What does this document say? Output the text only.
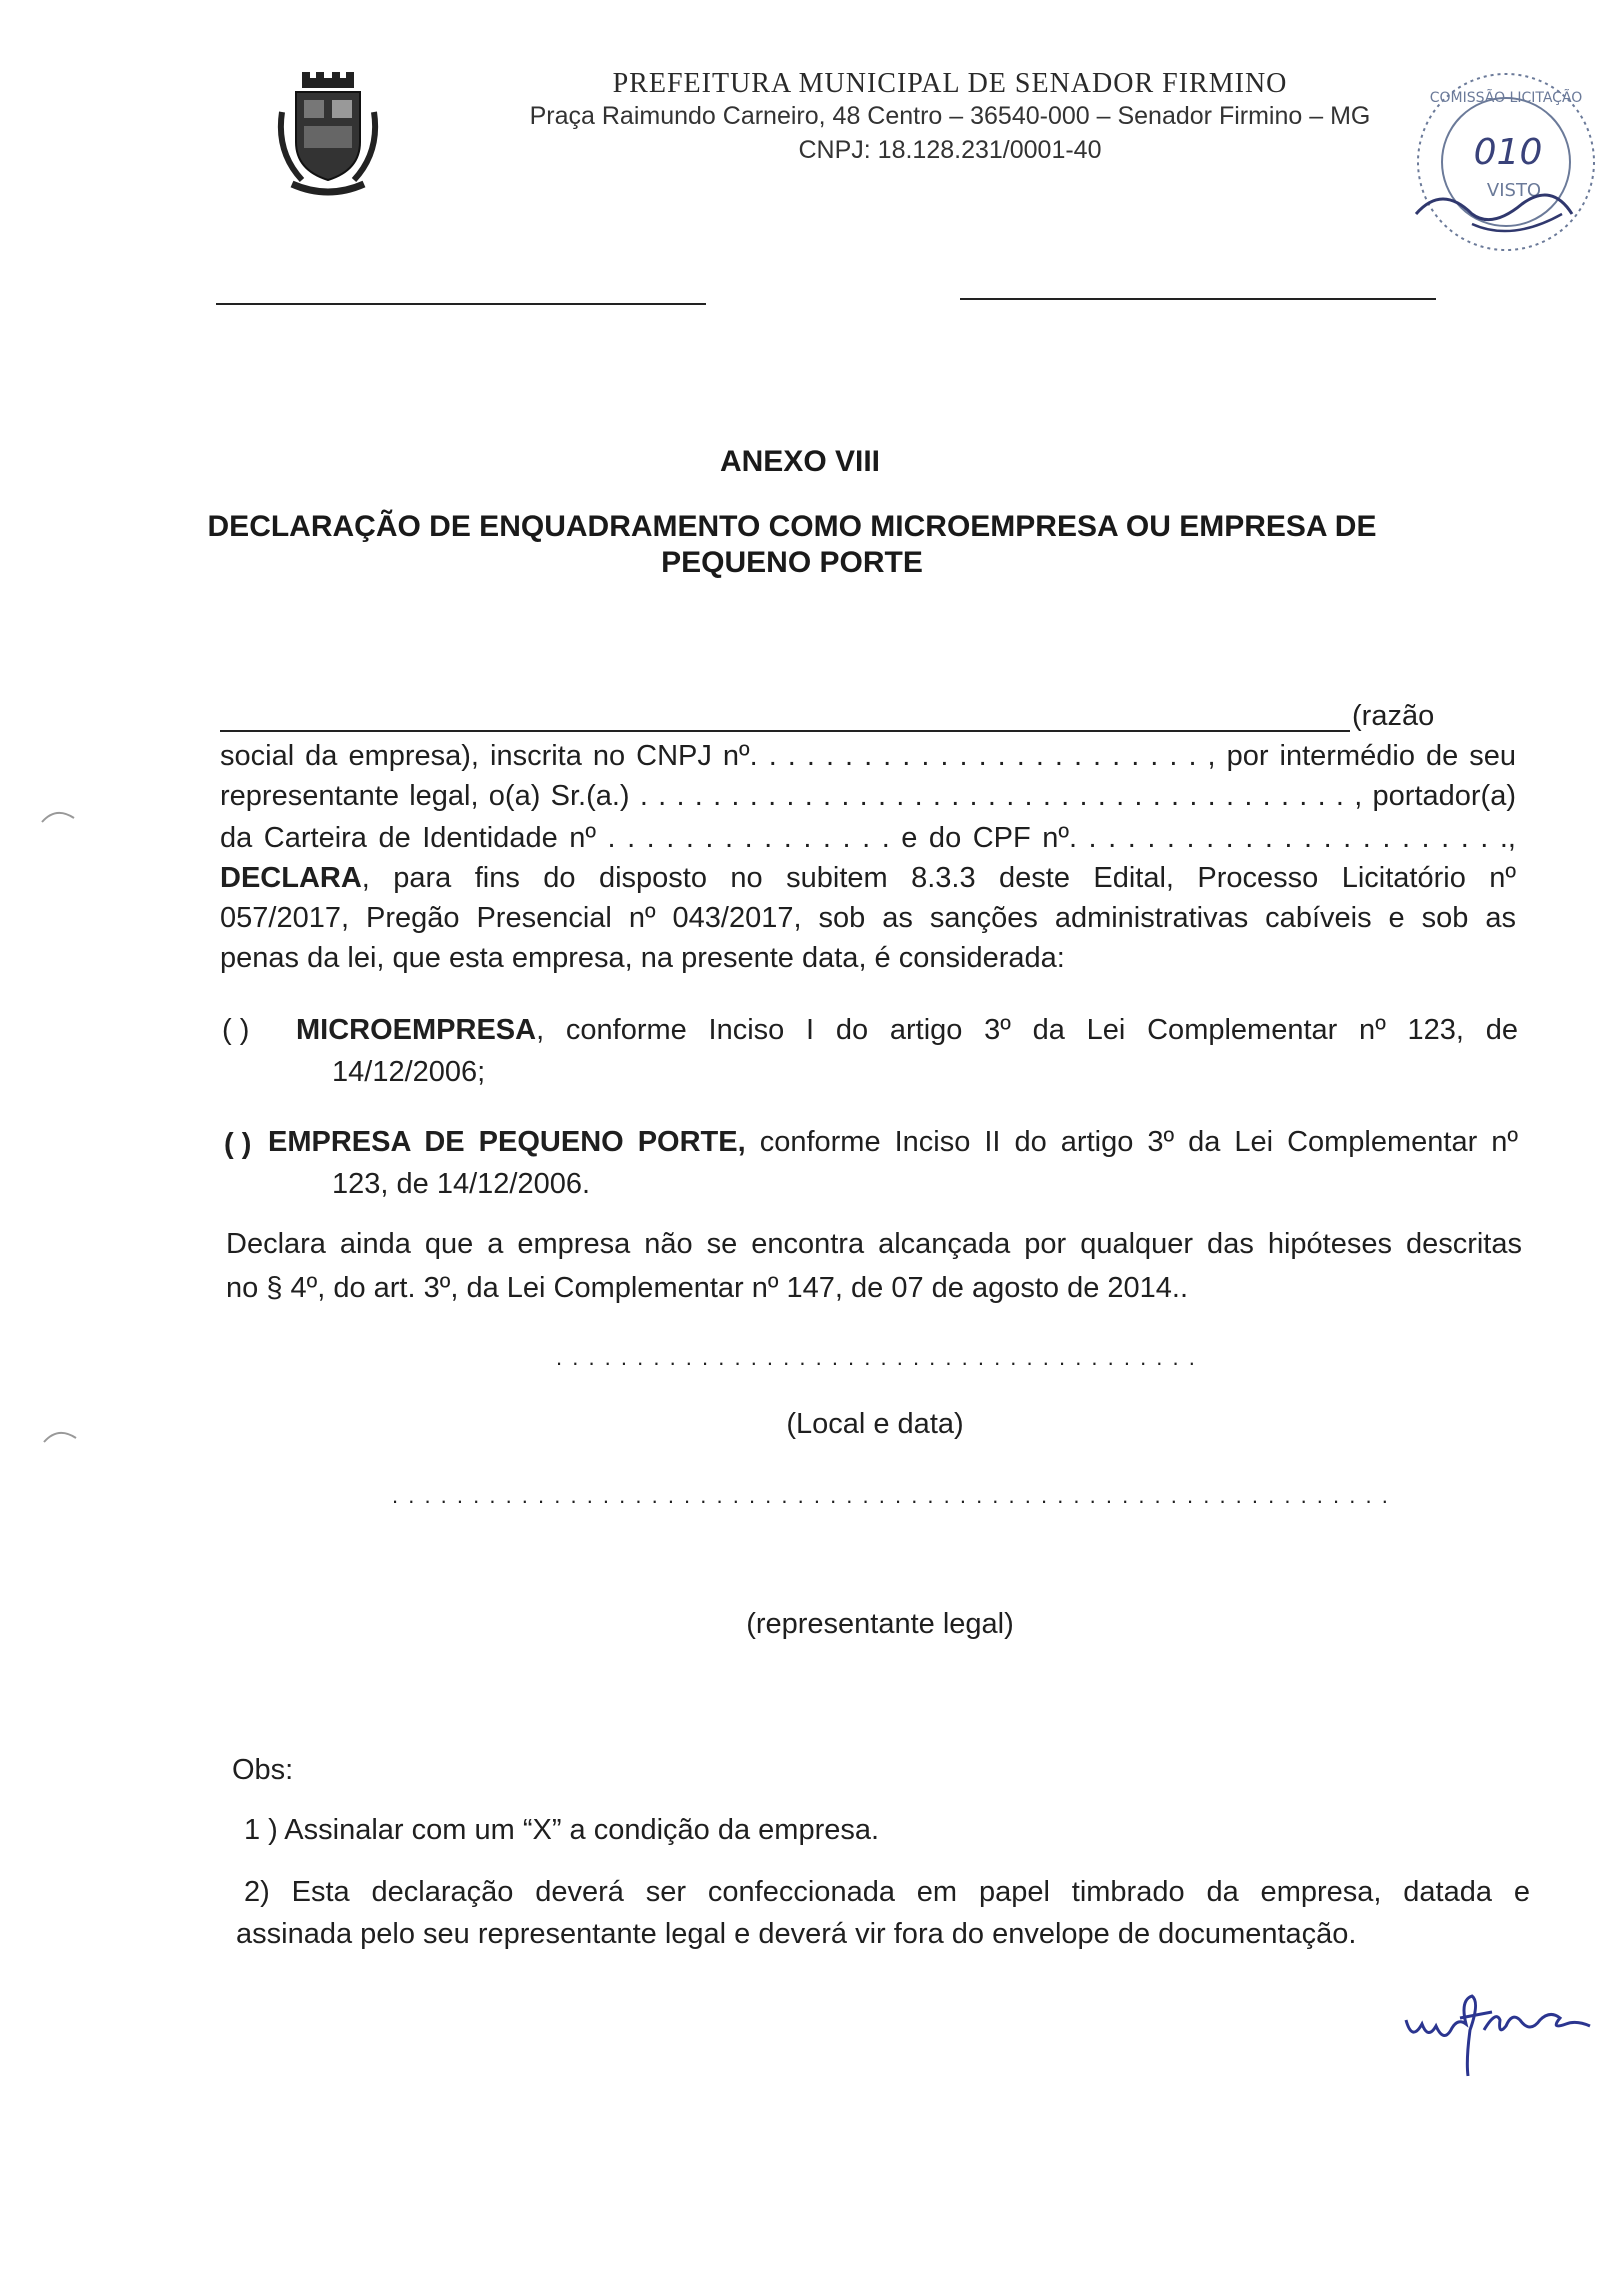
PREFEITURA MUNICIPAL DE SENADOR FIRMINO
Praça Raimundo Carneiro, 48 Centro – 36540-000 – Senador Firmino – MG
CNPJ: 18.128.231/0001-40
COMISSÃO LICITAÇÃO
010
VISTO
ANEXO VIII
DECLARAÇÃO DE ENQUADRAMENTO COMO MICROEMPRESA OU EMPRESA DE
PEQUENO PORTE
(razão
social da empresa), inscrita no CNPJ nº. . . . . . . . . . . . . . . . . . . . . . . . , por intermédio de seu
representante legal, o(a) Sr.(a.) . . . . . . . . . . . . . . . . . . . . . . . . . . . . . . . . . . . . . . . , portador(a)
da Carteira de Identidade nº . . . . . . . . . . . . . . . e do CPF nº. . . . . . . . . . . . . . . . . . . . . . .,
DECLARA, para fins do disposto no subitem 8.3.3 deste Edital, Processo Licitatório nº
057/2017, Pregão Presencial nº 043/2017, sob as sanções administrativas cabíveis e sob as
penas da lei, que esta empresa, na presente data, é considerada:
( ) MICROEMPRESA, conforme Inciso I do artigo 3º da Lei Complementar nº 123, de
14/12/2006;
( ) EMPRESA DE PEQUENO PORTE, conforme Inciso II do artigo 3º da Lei Complementar nº
123, de 14/12/2006.
Declara ainda que a empresa não se encontra alcançada por qualquer das hipóteses descritas
no § 4º, do art. 3º, da Lei Complementar nº 147, de 07 de agosto de 2014..
. . . . . . . . . . . . . . . . . . . . . . . . . . . . . . . . . . . . . . . .
(Local e data)
. . . . . . . . . . . . . . . . . . . . . . . . . . . . . . . . . . . . . . . . . . . . . . . . . . . . . . . . . . . . . .
(representante legal)
Obs:
1 ) Assinalar com um “X” a condição da empresa.
2) Esta declaração deverá ser confeccionada em papel timbrado da empresa, datada e
assinada pelo seu representante legal e deverá vir fora do envelope de documentação.
